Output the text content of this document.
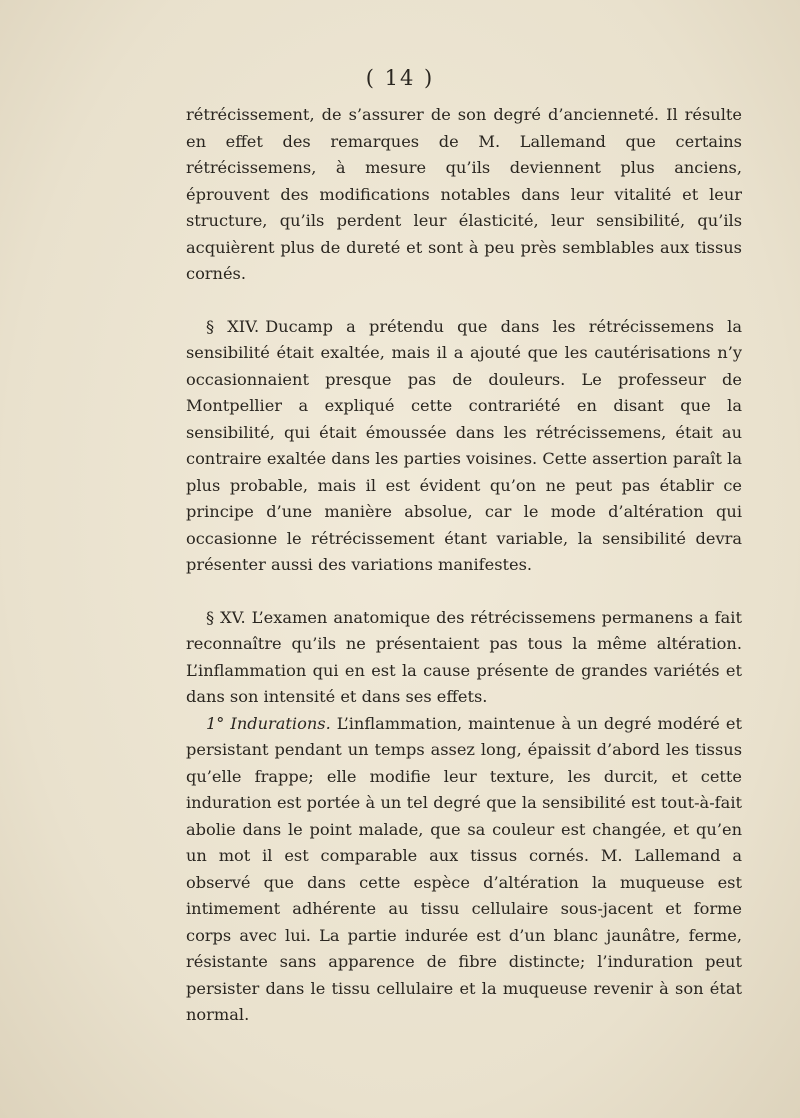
( 14 )

rétrécissement, de s’assurer de son degré d’ancienneté. Il résulte en effet des remarques de M. Lallemand que certains rétrécissemens, à mesure qu’ils deviennent plus anciens, éprouvent des modifications notables dans leur vitalité et leur structure, qu’ils perdent leur élasticité, leur sensibilité, qu’ils acquièrent plus de dureté et sont à peu près semblables aux tissus cornés.

§ XIV. Ducamp a prétendu que dans les rétrécissemens la sensibilité était exaltée, mais il a ajouté que les cautérisations n’y occasionnaient presque pas de douleurs. Le professeur de Montpellier a expliqué cette contrariété en disant que la sensibilité, qui était émoussée dans les rétrécissemens, était au contraire exaltée dans les parties voisines. Cette assertion paraît la plus probable, mais il est évident qu’on ne peut pas établir ce principe d’une manière absolue, car le mode d’altération qui occasionne le rétrécissement étant variable, la sensibilité devra présenter aussi des variations manifestes.

§ XV. L’examen anatomique des rétrécissemens permanens a fait reconnaître qu’ils ne présentaient pas tous la même altération. L’inflammation qui en est la cause présente de grandes variétés et dans son intensité et dans ses effets.

1° Indurations. L’inflammation, maintenue à un degré modéré et persistant pendant un temps assez long, épaissit d’abord les tissus qu’elle frappe; elle modifie leur texture, les durcit, et cette induration est portée à un tel degré que la sensibilité est tout-à-fait abolie dans le point malade, que sa couleur est changée, et qu’en un mot il est comparable aux tissus cornés. M. Lallemand a observé que dans cette espèce d’altération la muqueuse est intimement adhérente au tissu cellulaire sous-jacent et forme corps avec lui. La partie indurée est d’un blanc jaunâtre, ferme, résistante sans apparence de fibre distincte; l’induration peut persister dans le tissu cellulaire et la muqueuse revenir à son état normal.
